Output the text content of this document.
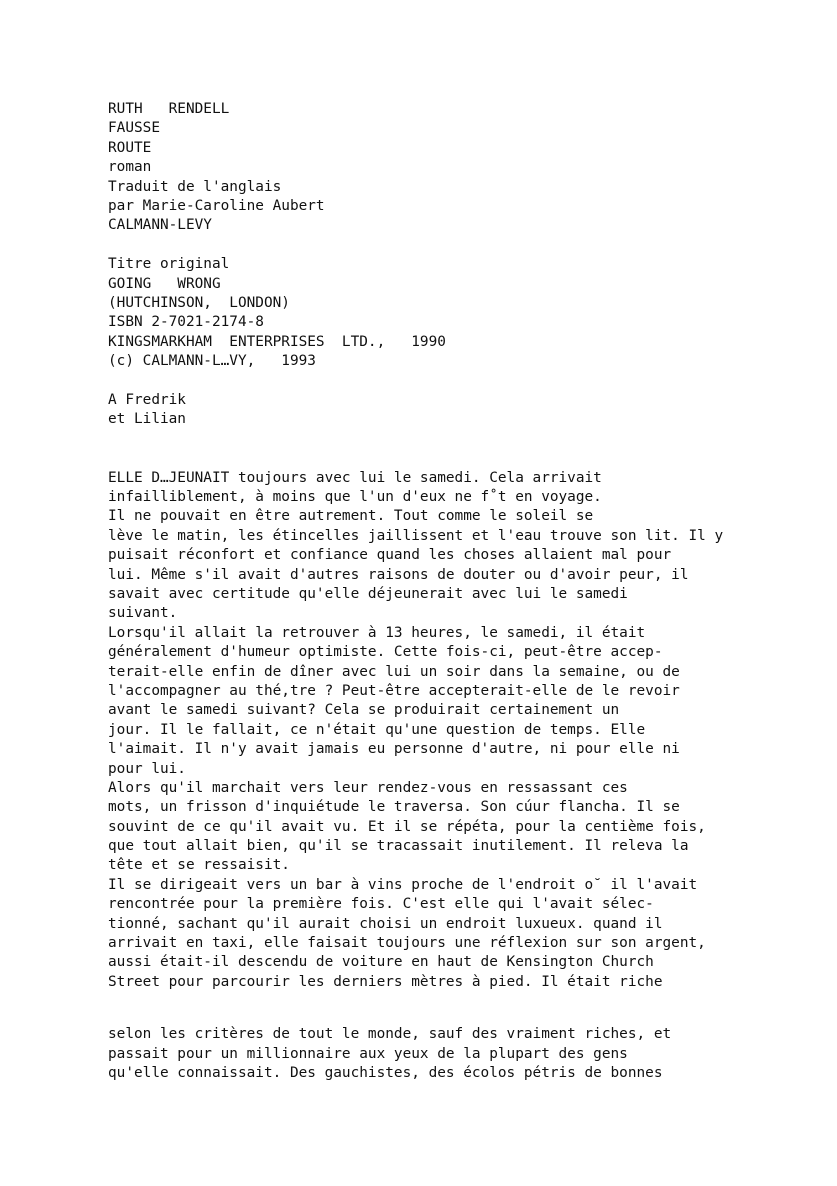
RUTH   RENDELL
FAUSSE
ROUTE
roman
Traduit de l'anglais
par Marie-Caroline Aubert
CALMANN-LEVY
Titre original
GOING   WRONG
(HUTCHINSON,  LONDON)
ISBN 2-7021-2174-8
KINGSMARKHAM  ENTERPRISES  LTD.,   1990
(c) CALMANN-L…VY,   1993
A Fredrik
et Lilian
ELLE D…JEUNAIT toujours avec lui le samedi. Cela arrivait
infailliblement, à moins que l'un d'eux ne f˚t en voyage.
Il ne pouvait en être autrement. Tout comme le soleil se
lève le matin, les étincelles jaillissent et l'eau trouve son lit. Il y
puisait réconfort et confiance quand les choses allaient mal pour
lui. Même s'il avait d'autres raisons de douter ou d'avoir peur, il
savait avec certitude qu'elle déjeunerait avec lui le samedi
suivant.
Lorsqu'il allait la retrouver à 13 heures, le samedi, il était
généralement d'humeur optimiste. Cette fois-ci, peut-être accep-
terait-elle enfin de dîner avec lui un soir dans la semaine, ou de
l'accompagner au thé‚tre ? Peut-être accepterait-elle de le revoir
avant le samedi suivant? Cela se produirait certainement un
jour. Il le fallait, ce n'était qu'une question de temps. Elle
l'aimait. Il n'y avait jamais eu personne d'autre, ni pour elle ni
pour lui.
Alors qu'il marchait vers leur rendez-vous en ressassant ces
mots, un frisson d'inquiétude le traversa. Son cúur flancha. Il se
souvint de ce qu'il avait vu. Et il se répéta, pour la centième fois,
que tout allait bien, qu'il se tracassait inutilement. Il releva la
tête et se ressaisit.
Il se dirigeait vers un bar à vins proche de l'endroit o˘ il l'avait
rencontrée pour la première fois. C'est elle qui l'avait sélec-
tionné, sachant qu'il aurait choisi un endroit luxueux. quand il
arrivait en taxi, elle faisait toujours une réflexion sur son argent,
aussi était-il descendu de voiture en haut de Kensington Church
Street pour parcourir les derniers mètres à pied. Il était riche
selon les critères de tout le monde, sauf des vraiment riches, et
passait pour un millionnaire aux yeux de la plupart des gens
qu'elle connaissait. Des gauchistes, des écolos pétris de bonnes
